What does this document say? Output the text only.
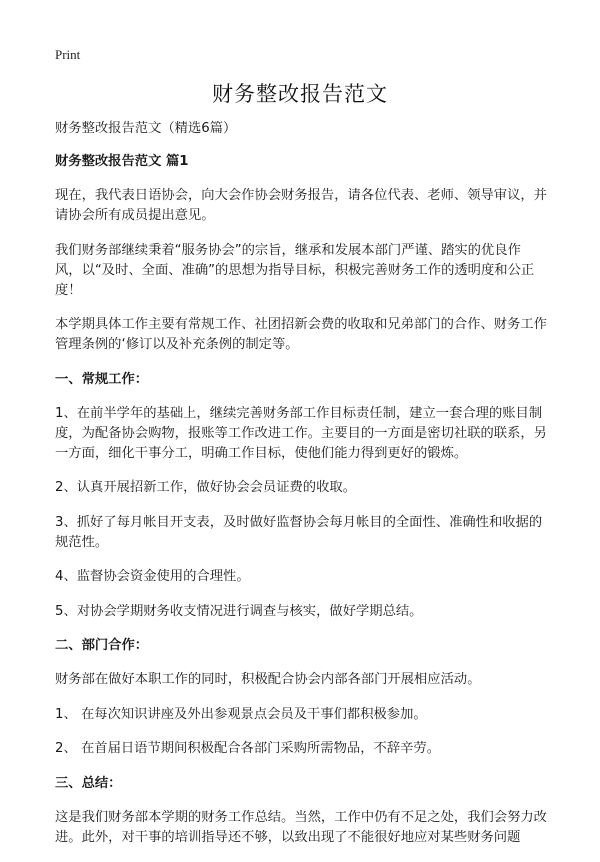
Print
财务整改报告范文

财务整改报告范文（精选6篇）

财务整改报告范文 篇1

现在，我代表日语协会，向大会作协会财务报告，请各位代表、老师、领导审议，并请协会所有成员提出意见。

我们财务部继续秉着“服务协会”的宗旨，继承和发展本部门严谨、踏实的优良作风，以“及时、全面、准确”的思想为指导目标，积极完善财务工作的透明度和公正度！

本学期具体工作主要有常规工作、社团招新会费的收取和兄弟部门的合作、财务工作管理条例的‘修订以及补充条例的制定等。

一、常规工作：

1、在前半学年的基础上，继续完善财务部工作目标责任制，建立一套合理的账目制度，为配备协会购物，报账等工作改进工作。主要目的一方面是密切社联的联系，另一方面，细化干事分工，明确工作目标，使他们能力得到更好的锻炼。

2、认真开展招新工作，做好协会会员证费的收取。

3、抓好了每月帐目开支表，及时做好监督协会每月帐目的全面性、准确性和收据的规范性。

4、监督协会资金使用的合理性。

5、对协会学期财务收支情况进行调查与核实，做好学期总结。

二、部门合作：

财务部在做好本职工作的同时，积极配合协会内部各部门开展相应活动。

1、 在每次知识讲座及外出参观景点会员及干事们都积极参加。

2、 在首届日语节期间积极配合各部门采购所需物品，不辞辛劳。

三、总结：

这是我们财务部本学期的财务工作总结。当然，工作中仍有不足之处，我们会努力改进。此外，对干事的培训指导还不够，以致出现了不能很好地应对某些财务问题
